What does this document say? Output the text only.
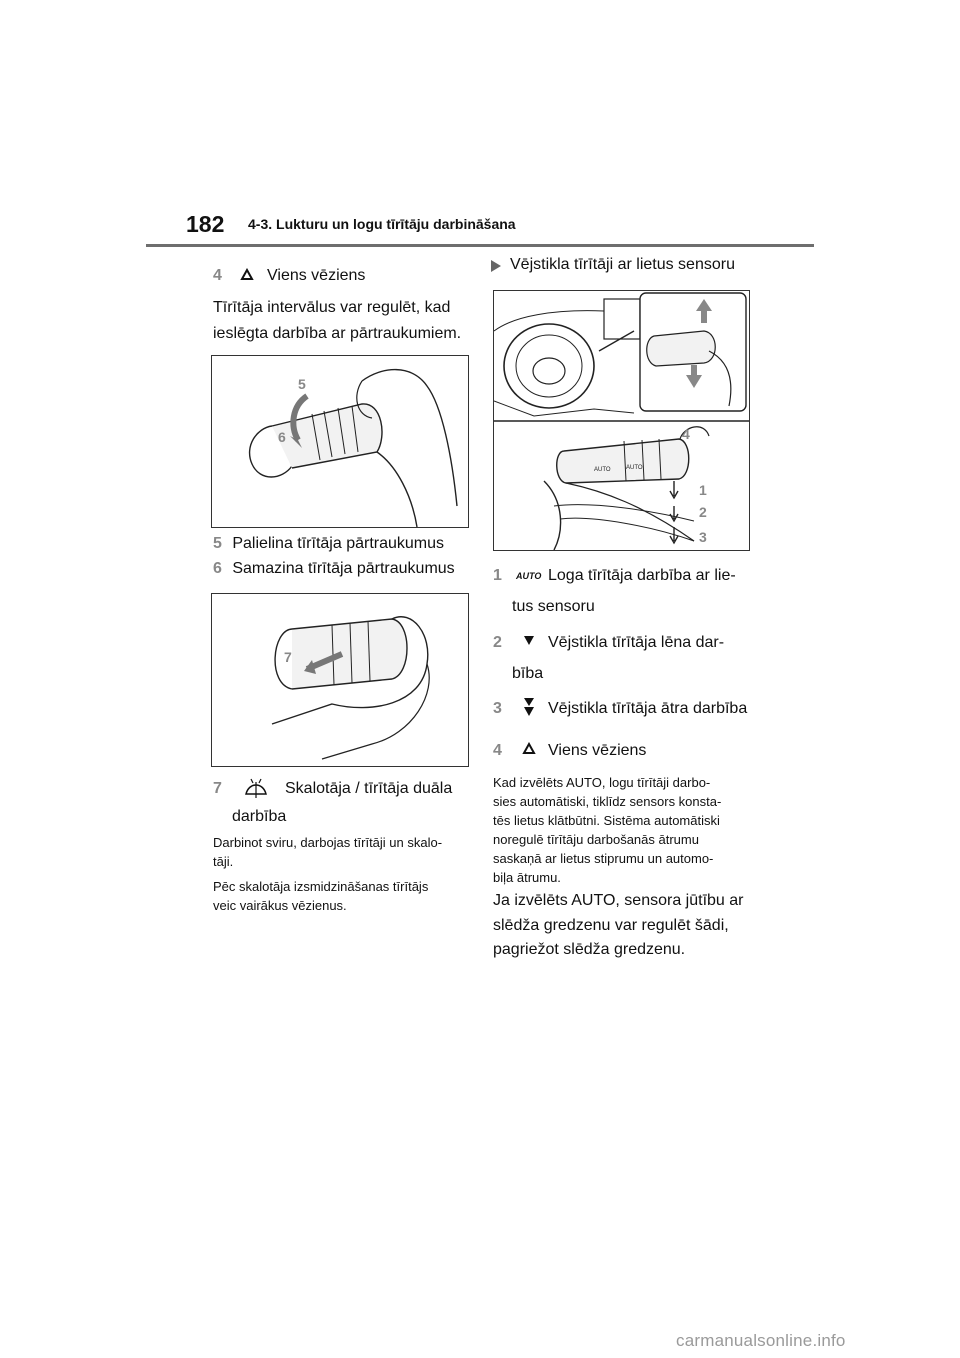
182 4-3. Lukturu un logu tīrītāju darbināšana
4	Viens vēziens
Tīrītāja intervālus var regulēt, kad
ieslēgta darbība ar pārtraukumiem.
5
6
5 Palielina tīrītāja pārtraukumus
6 Samazina tīrītāja pārtraukumus
7
7	Skalotāja / tīrītāja duāla
darbība
Darbinot sviru, darbojas tīrītāji un skalo-
tāji.
Pēc skalotāja izsmidzināšanas tīrītājs
veic vairākus vēzienus.
Vējstikla tīrītāji ar lietus sensoru
AUTO	AUTO
4
1
2
3
1 AUTO Loga tīrītāja darbība ar lie-
tus sensoru
2	Vējstikla tīrītāja lēna dar-
bība
3	Vējstikla tīrītāja ātra darbība
4	Viens vēziens
Kad izvēlēts AUTO, logu tīrītāji darbo-
sies automātiski, tiklīdz sensors konsta-
tēs lietus klātbūtni. Sistēma automātiski
noregulē tīrītāju darbošanās ātrumu
saskaņā ar lietus stiprumu un automo-
biļa ātrumu.
Ja izvēlēts AUTO, sensora jūtību ar
slēdža gredzenu var regulēt šādi,
pagriežot slēdža gredzenu.
carmanualsonline.info
